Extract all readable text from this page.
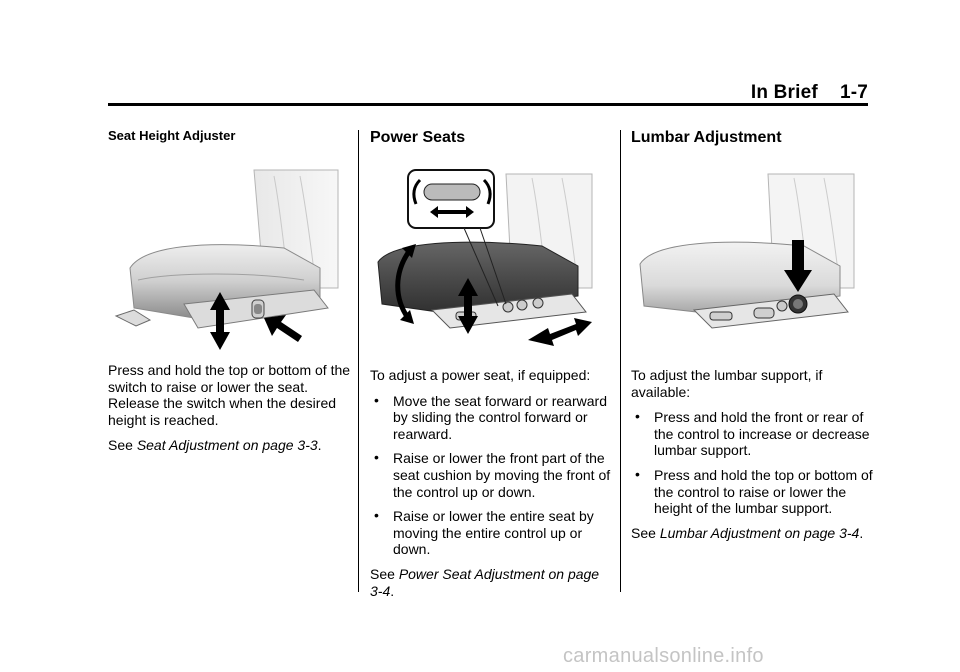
In Brief 1-7
Seat Height Adjuster

Press and hold the top or bottom of the switch to raise or lower the seat. Release the switch when the desired height is reached.

See Seat Adjustment on page 3-3.

Power Seats

To adjust a power seat, if equipped:

• Move the seat forward or rearward by sliding the control forward or rearward.
• Raise or lower the front part of the seat cushion by moving the front of the control up or down.
• Raise or lower the entire seat by moving the entire control up or down.

See Power Seat Adjustment on page 3-4.

Lumbar Adjustment

To adjust the lumbar support, if available:

• Press and hold the front or rear of the control to increase or decrease lumbar support.
• Press and hold the top or bottom of the control to raise or lower the height of the lumbar support.

See Lumbar Adjustment on page 3-4.

carmanualsonline.info
